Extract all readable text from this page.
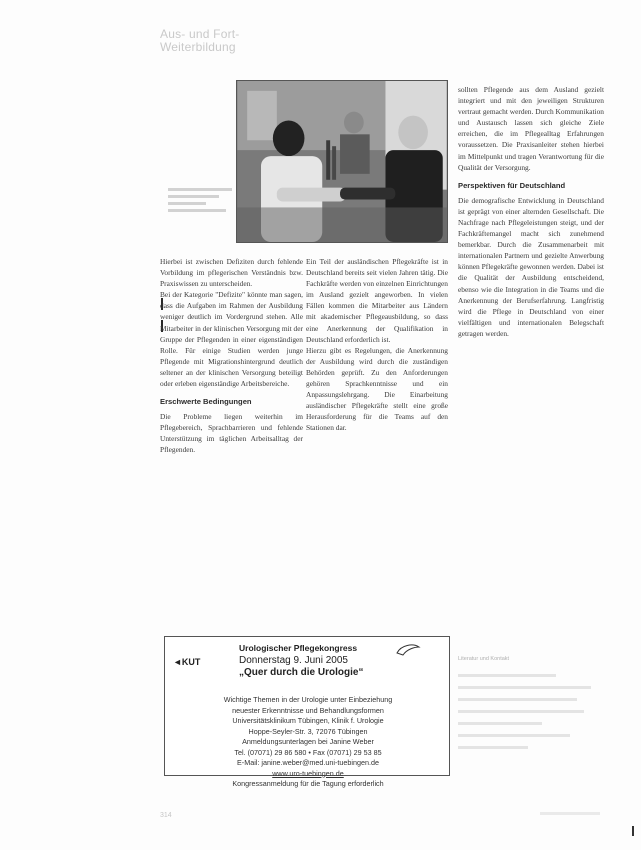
Aus- und Fort-
Weiterbildung

Hierbei ist zwischen Defiziten durch fehlende Vorbildung im pflegerischen Verständnis bzw. Praxiswissen zu unterscheiden.

Bei der Kategorie "Defizite" könnte man sagen, dass die Aufgaben im Rahmen der Ausbildung weniger deutlich im Vordergrund stehen. Alle Mitarbeiter in der klinischen Versorgung mit der Gruppe der Pflegenden in einer eigenständigen Rolle. Für einige Studien werden junge Pflegende mit Migrationshintergrund deutlich seltener an der klinischen Versorgung beteiligt oder erleben eigenständige Arbeitsbereiche.

Erschwerte Bedingungen

Die Probleme liegen weiterhin im Pflegebereich, Sprachbarrieren und fehlende Unterstützung im täglichen Arbeitsalltag der Pflegenden.

Ein Teil der ausländischen Pflegekräfte ist in Deutschland bereits seit vielen Jahren tätig. Die Fachkräfte werden von einzelnen Einrichtungen im Ausland gezielt angeworben. In vielen Fällen kommen die Mitarbeiter aus Ländern mit akademischer Pflegeausbildung, so dass eine Anerkennung der Qualifikation in Deutschland erforderlich ist.

Hierzu gibt es Regelungen, die Anerkennung der Ausbildung wird durch die zuständigen Behörden geprüft. Zu den Anforderungen gehören Sprachkenntnisse und ein Anpassungslehrgang. Die Einarbeitung ausländischer Pflegekräfte stellt eine große Herausforderung für die Teams auf den Stationen dar.

sollten Pflegende aus dem Ausland gezielt integriert und mit den jeweiligen Strukturen vertraut gemacht werden. Durch Kommunikation und Austausch lassen sich gleiche Ziele erreichen, die im Pflegealltag Erfahrungen voraussetzen. Die Praxisanleiter stehen hierbei im Mittelpunkt und tragen Verantwortung für die Qualität der Versorgung.

Perspektiven für Deutschland

Die demografische Entwicklung in Deutschland ist geprägt von einer alternden Gesellschaft. Die Nachfrage nach Pflegeleistungen steigt, und der Fachkräftemangel macht sich zunehmend bemerkbar. Durch die Zusammenarbeit mit internationalen Partnern und gezielte Anwerbung können Pflegekräfte gewonnen werden. Dabei ist die Qualität der Ausbildung entscheidend, ebenso wie die Integration in die Teams und die Anerkennung der Berufserfahrung. Langfristig wird die Pflege in Deutschland von einer vielfältigen und internationalen Belegschaft getragen werden.

◄KUT
Urologischer Pflegekongress
Donnerstag 9. Juni 2005
„Quer durch die Urologie“
Wichtige Themen in der Urologie unter Einbeziehung
neuester Erkenntnisse und Behandlungsformen
Universitätsklinikum Tübingen, Klinik f. Urologie
Hoppe-Seyler-Str. 3, 72076 Tübingen
Anmeldungsunterlagen bei Janine Weber
Tel. (07071) 29 86 580 • Fax (07071) 29 53 85
E-Mail: janine.weber@med.uni-tuebingen.de
www.uro-tuebingen.de
Kongressanmeldung für die Tagung erforderlich
Literatur und Kontakt
314
